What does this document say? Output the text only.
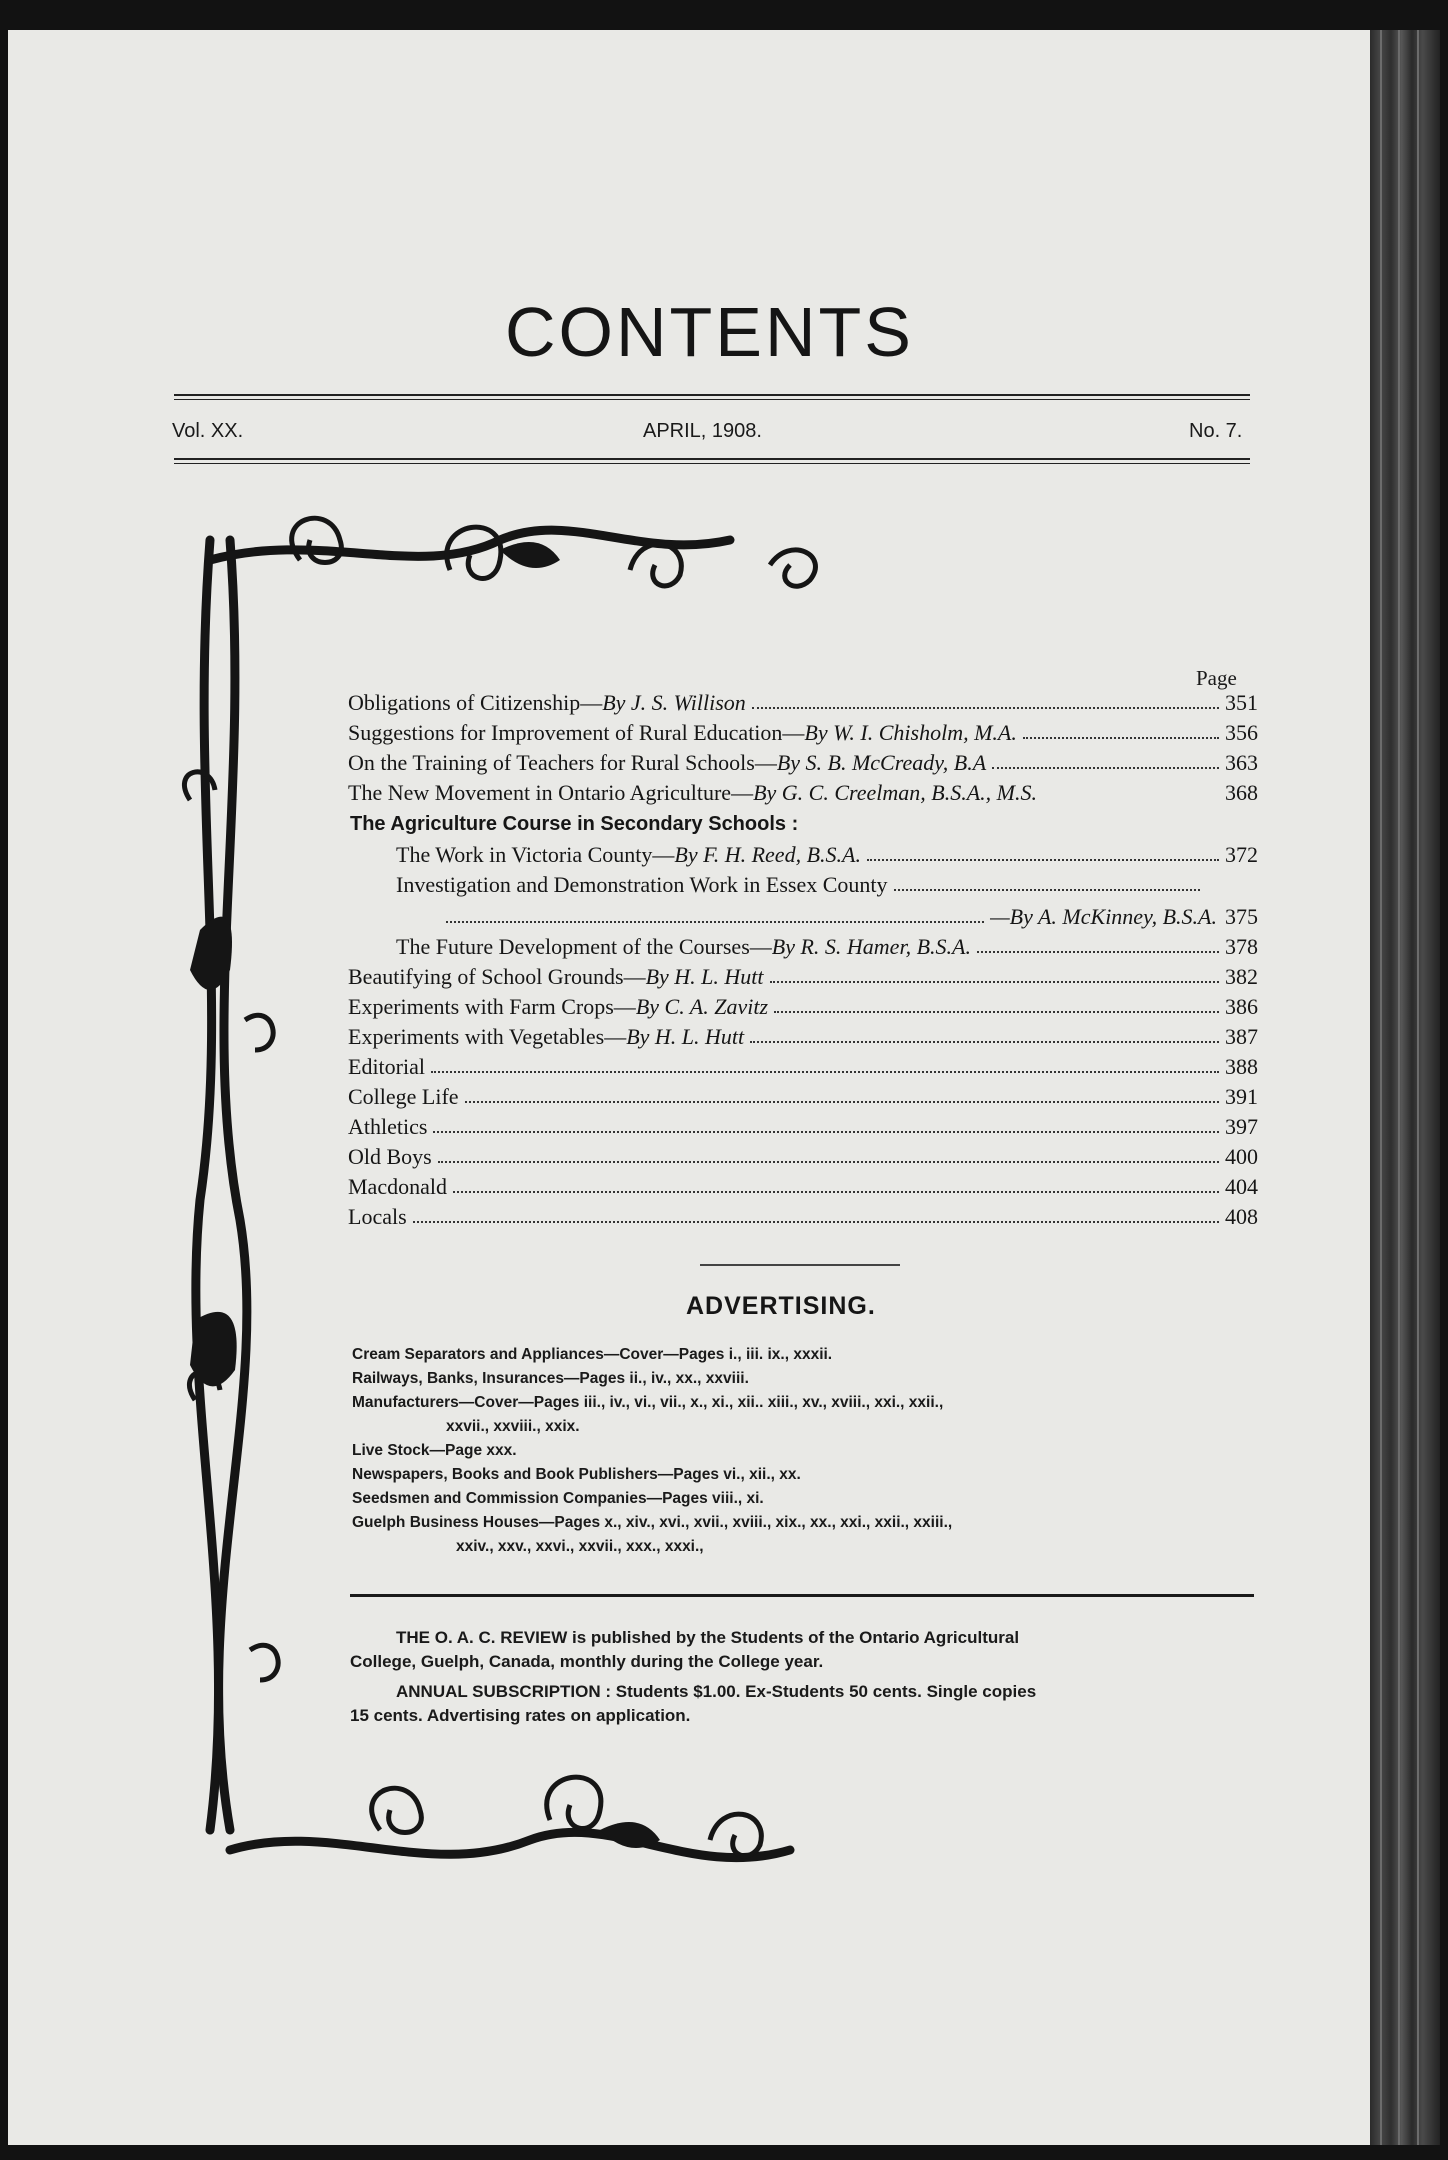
CONTENTS
Vol. XX.	APRIL, 1908.	No. 7.
Page
Obligations of Citizenship—By J. S. Willison	351
Suggestions for Improvement of Rural Education—By W. I. Chisholm, M.A.	356
On the Training of Teachers for Rural Schools—By S. B. McCready, B.A	363
The New Movement in Ontario Agriculture—By G. C. Creelman, B.S.A., M.S.	368
The Agriculture Course in Secondary Schools :
The Work in Victoria County—By F. H. Reed, B.S.A.	372
Investigation and Demonstration Work in Essex County
—By A. McKinney, B.S.A. 375
The Future Development of the Courses—By R. S. Hamer, B.S.A.	378
Beautifying of School Grounds—By H. L. Hutt	382
Experiments with Farm Crops—By C. A. Zavitz	386
Experiments with Vegetables—By H. L. Hutt	387
Editorial	388
College Life	391
Athletics	397
Old Boys	400
Macdonald	404
Locals	408
ADVERTISING.
Cream Separators and Appliances—Cover—Pages i., iii. ix., xxxii.
Railways, Banks, Insurances—Pages ii., iv., xx., xxviii.
Manufacturers—Cover—Pages iii., iv., vi., vii., x., xi., xii.. xiii., xv., xviii., xxi., xxii.,
xxvii., xxviii., xxix.
Live Stock—Page xxx.
Newspapers, Books and Book Publishers—Pages vi., xii., xx.
Seedsmen and Commission Companies—Pages viii., xi.
Guelph Business Houses—Pages x., xiv., xvi., xvii., xviii., xix., xx., xxi., xxii., xxiii.,
xxiv., xxv., xxvi., xxvii., xxx., xxxi.,
THE O. A. C. REVIEW is published by the Students of the Ontario Agricultural
College, Guelph, Canada, monthly during the College year.
ANNUAL SUBSCRIPTION : Students $1.00. Ex-Students 50 cents. Single copies
15 cents. Advertising rates on application.
